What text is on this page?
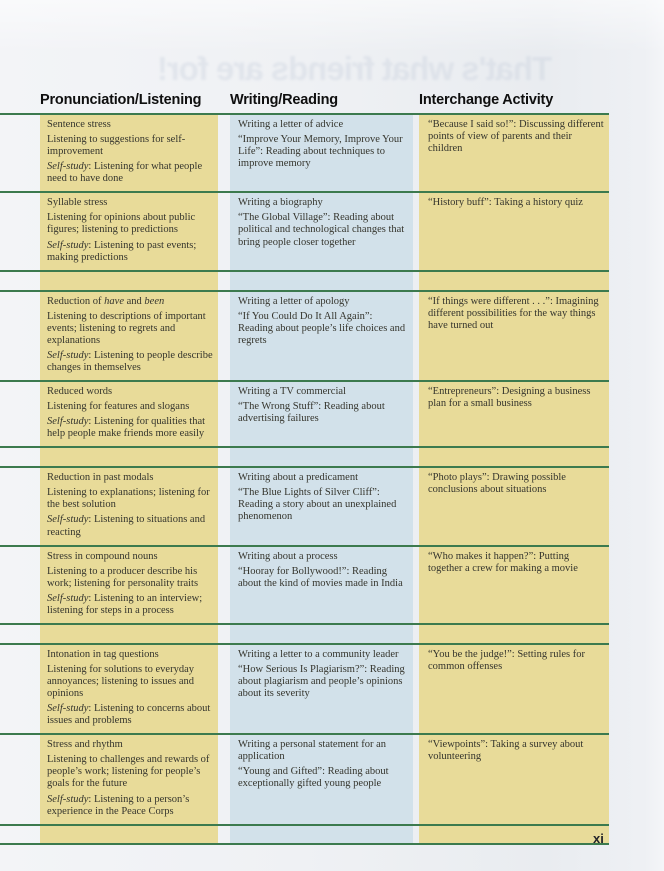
That's what friends are for!
Pronunciation/Listening Writing/Reading	Interchange Activity

Sentence stress

Listening to suggestions for self-improvement

Self-study: Listening for what people need to have done

Writing a letter of advice

“Improve Your Memory, Improve Your Life”: Reading about techniques to improve memory

“Because I said so!”: Discussing different points of view of parents and their children

Syllable stress

Listening for opinions about public figures; listening to predictions

Self-study: Listening to past events; making predictions

Writing a biography

“The Global Village”: Reading about political and technological changes that bring people closer together

“History buff”: Taking a history quiz

Reduction of have and been

Listening to descriptions of important events; listening to regrets and explanations

Self-study: Listening to people describe changes in themselves

Writing a letter of apology

“If You Could Do It All Again”: Reading about people’s life choices and regrets

“If things were different . . .”: Imagining different possibilities for the way things have turned out

Reduced words

Listening for features and slogans

Self-study: Listening for qualities that help people make friends more easily

Writing a TV commercial

“The Wrong Stuff”: Reading about advertising failures

“Entrepreneurs”: Designing a business plan for a small business

Reduction in past modals

Listening to explanations; listening for the best solution

Self-study: Listening to situations and reacting

Writing about a predicament

“The Blue Lights of Silver Cliff”: Reading a story about an unexplained phenomenon

“Photo plays”: Drawing possible conclusions about situations

Stress in compound nouns

Listening to a producer describe his work; listening for personality traits

Self-study: Listening to an interview; listening for steps in a process

Writing about a process

“Hooray for Bollywood!”: Reading about the kind of movies made in India

“Who makes it happen?”: Putting together a crew for making a movie

Intonation in tag questions

Listening for solutions to everyday annoyances; listening to issues and opinions

Self-study: Listening to concerns about issues and problems

Writing a letter to a community leader

“How Serious Is Plagiarism?”: Reading about plagiarism and people’s opinions about its severity

“You be the judge!”: Setting rules for common offenses

Stress and rhythm

Listening to challenges and rewards of people’s work; listening for people’s goals for the future

Self-study: Listening to a person’s experience in the Peace Corps

Writing a personal statement for an application

“Young and Gifted”: Reading about exceptionally gifted young people

“Viewpoints”: Taking a survey about volunteering

xi
